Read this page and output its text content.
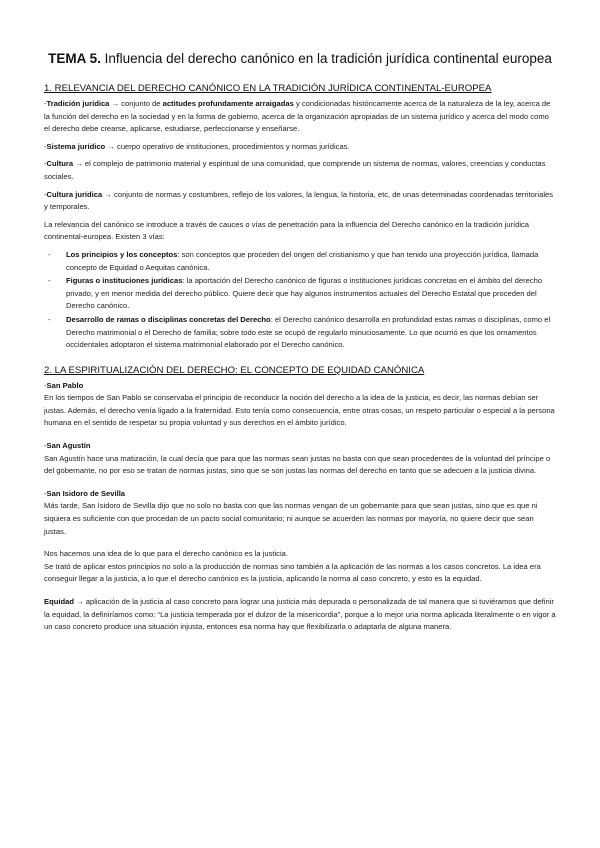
TEMA 5. Influencia del derecho canónico en la tradición jurídica continental europea
1. RELEVANCIA DEL DERECHO CANÓNICO EN LA TRADICIÓN JURÍDICA CONTINENTAL-EUROPEA

-Tradición jurídica → conjunto de actitudes profundamente arraigadas y condicionadas históricamente acerca de la naturaleza de la ley, acerca de la función del derecho en la sociedad y en la forma de gobierno, acerca de la organización apropiadas de un sistema jurídico y acerca del modo como el derecho debe crearse, aplicarse, estudiarse, perfeccionarse y enseñarse.

-Sistema jurídico → cuerpo operativo de instituciones, procedimientos y normas jurídicas.

-Cultura → el complejo de patrimonio material y espiritual de una comunidad, que comprende un sistema de normas, valores, creencias y conductas sociales.

-Cultura jurídica → conjunto de normas y costumbres, reflejo de los valores, la lengua, la historia, etc, de unas determinadas coordenadas territoriales y temporales.

La relevancia del canónico se introduce a través de cauces o vías de penetración para la influencia del Derecho canónico en la tradición jurídica continental-europea. Existen 3 vías:

- Los principios y los conceptos: son conceptos que proceden del origen del cristianismo y que han tenido una proyección jurídica, llamada concepto de Equidad o Aequitas canónica.
- Figuras o instituciones jurídicas: la aportación del Derecho canónico de figuras o instituciones jurídicas concretas en el ámbito del derecho privado, y en menor medida del derecho público. Quiere decir que hay algunos instrumentos actuales del Derecho Estatal que proceden del Derecho canónico.
- Desarrollo de ramas o disciplinas concretas del Derecho: el Derecho canónico desarrolla en profundidad estas ramas o disciplinas, como el Derecho matrimonial o el Derecho de familia; sobre todo este se ocupó de regularlo minuciosamente. Lo que ocurrió es que los ornamentos occidentales adoptaron el sistema matrimonial elaborado por el Derecho canónico.
2. LA ESPIRITUALIZACIÓN DEL DERECHO: EL CONCEPTO DE EQUIDAD CANÓNICA

-San Pablo

En los tiempos de San Pablo se conservaba el principio de reconducir la noción del derecho a la idea de la justicia, es decir, las normas debían ser justas. Además, el derecho venía ligado a la fraternidad. Esto tenía como consecuencia, entre otras cosas, un respeto particular o especial a la persona humana en el sentido de respetar su propia voluntad y sus derechos en el ámbito jurídico.

-San Agustín

San Agustín hace una matización, la cual decía que para que las normas sean justas no basta con que sean procedentes de la voluntad del príncipe o del gobernante, no por eso se tratan de normas justas, sino que se son justas las normas del derecho en tanto que se adecuen a la justicia divina.

-San Isidoro de Sevilla

Más tarde, San Isidoro de Sevilla dijo que no solo no basta con que las normas vengan de un gobernante para que sean justas, sino que es que ni siquiera es suficiente con que procedan de un pacto social comunitario; ni aunque se acuerden las normas por mayoría, no quiere decir que sean justas.

Nos hacemos una idea de lo que para el derecho canónico es la justicia.

Se trató de aplicar estos principios no solo a la producción de normas sino también a la aplicación de las normas a los casos concretos. La idea era conseguir llegar a la justicia, a lo que el derecho canónico es la justicia, aplicando la norma al caso concreto, y esto es la equidad.

Equidad → aplicación de la justicia al caso concreto para lograr una justicia más depurada o personalizada de tal manera que si tuviéramos que definir la equidad, la definiríamos como: “La justicia temperada por el dulzor de la misericordia”, porque a lo mejor una norma aplicada literalmente o en vigor a un caso concreto produce una situación injusta, entonces esa norma hay que flexibilizarla o adaptarla de alguna manera.
